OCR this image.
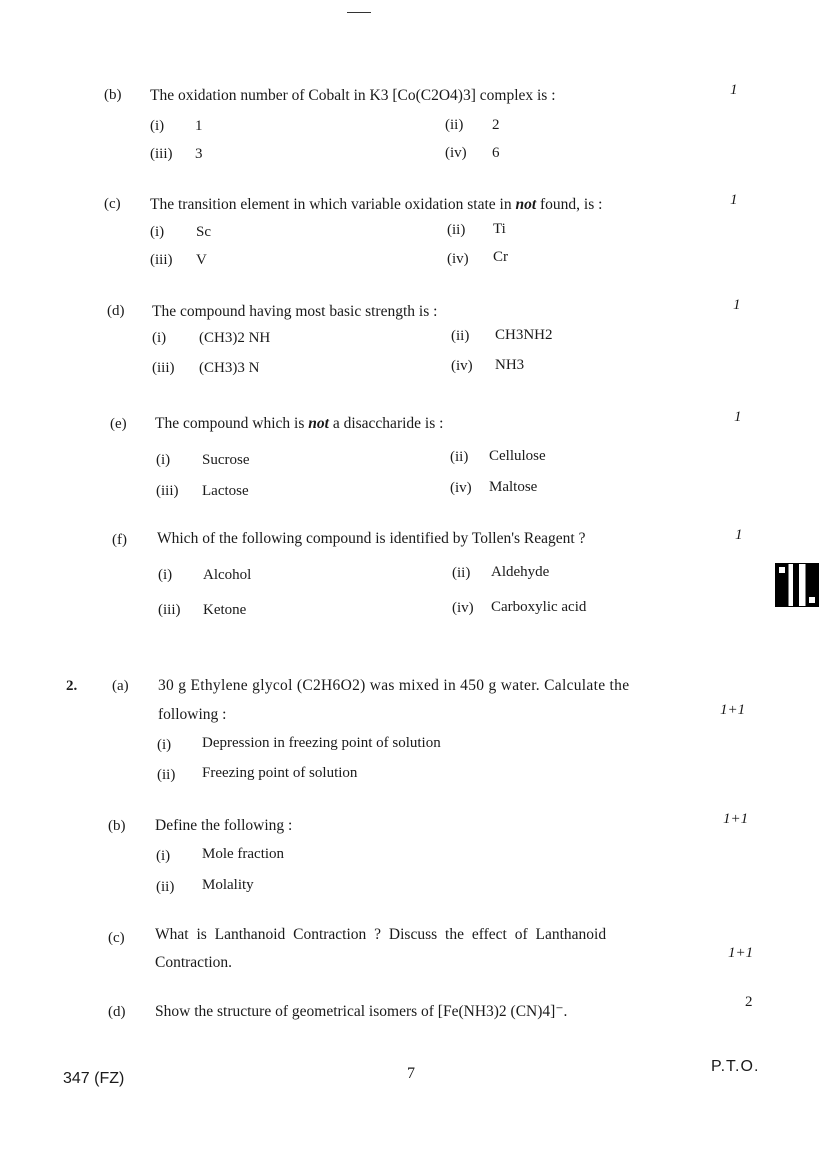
(b) The oxidation number of Cobalt in K3 [Co(C2O4)3] complex is :	1
(i) 1	(ii) 2
(iii) 3	(iv) 6
(c) The transition element in which variable oxidation state in not found, is :	1
(i) Sc	(ii) Ti
(iii) V	(iv) Cr
(d) The compound having most basic strength is :	1
(i) (CH3)2 NH	(ii) CH3NH2
(iii) (CH3)3 N	(iv) NH3
(e) The compound which is not a disaccharide is :	1
(i) Sucrose	(ii) Cellulose
(iii) Lactose	(iv) Maltose
(f) Which of the following compound is identified by Tollen's Reagent ?	1
(i) Alcohol	(ii) Aldehyde
(iii) Ketone	(iv) Carboxylic acid
2. (a) 30 g Ethylene glycol (C2H6O2) was mixed in 450 g water. Calculate the
following :	1+1
(i) Depression in freezing point of solution
(ii) Freezing point of solution
(b) Define the following :	1+1
(i) Mole fraction
(ii) Molality
(c) What is Lanthanoid Contraction ? Discuss the effect of Lanthanoid
Contraction.
1+1
(d) Show the structure of geometrical isomers of [Fe(NH3)2 (CN)4]⁻.
2
347 (FZ)	7	P.T.O.
